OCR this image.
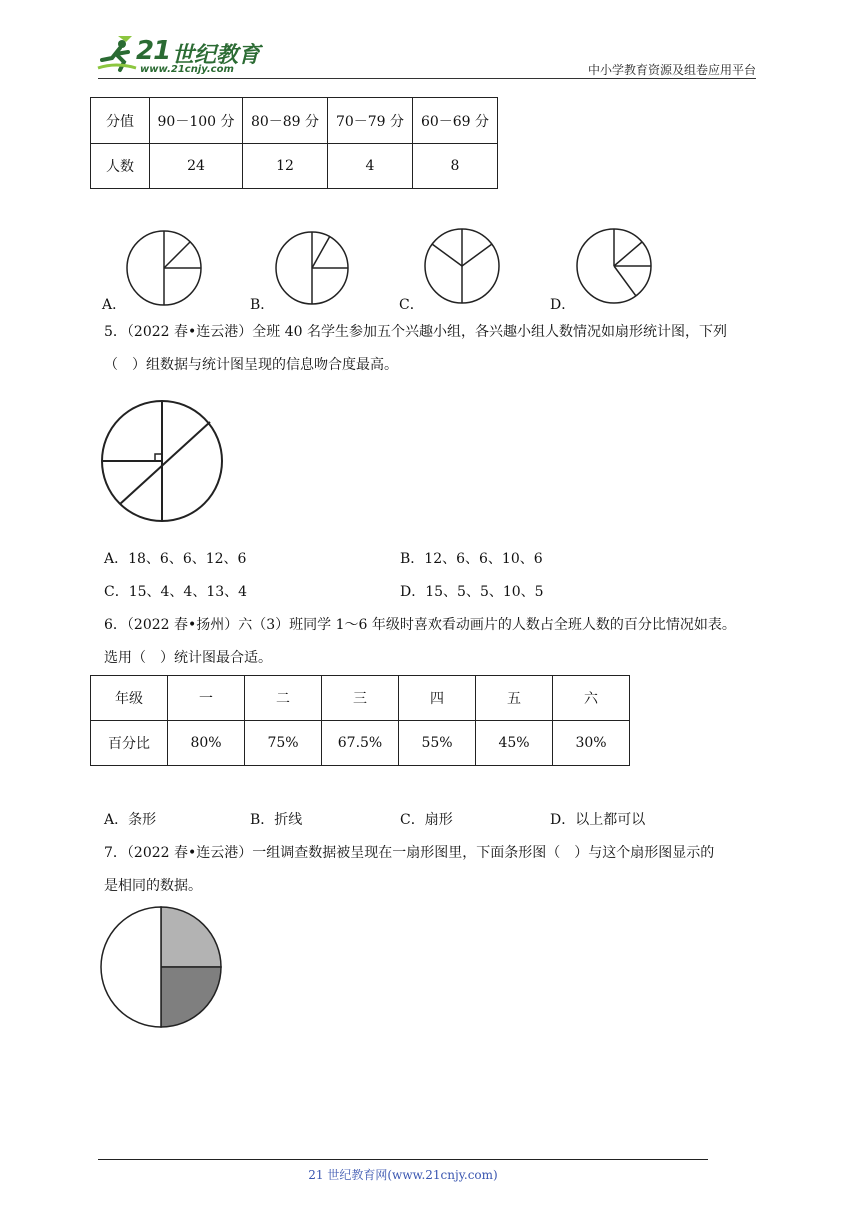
21 世纪教育
www.21cnjy.com	中小学教育资源及组卷应用平台
分值	90－100 分	80－89 分	70－79 分	60－69 分
人数	24	12	4	8
A．	B．	C．	D．
5．（2022 春•连云港）全班 40 名学生参加五个兴趣小组，各兴趣小组人数情况如扇形统计图，下列
（　）组数据与统计图呈现的信息吻合度最高。
A．18、6、6、12、6	B．12、6、6、10、6
C．15、4、4、13、4	D．15、5、5、10、5
6．（2022 春•扬州）六（3）班同学 1～6 年级时喜欢看动画片的人数占全班人数的百分比情况如表。
选用（　）统计图最合适。
年级	一	二	三	四	五	六
百分比	80%	75%	67.5%	55%	45%	30%
A．条形	B．折线	C．扇形	D．以上都可以
7．（2022 春•连云港）一组调查数据被呈现在一扇形图里，下面条形图（　）与这个扇形图显示的
是相同的数据。
21 世纪教育网(www.21cnjy.com)
